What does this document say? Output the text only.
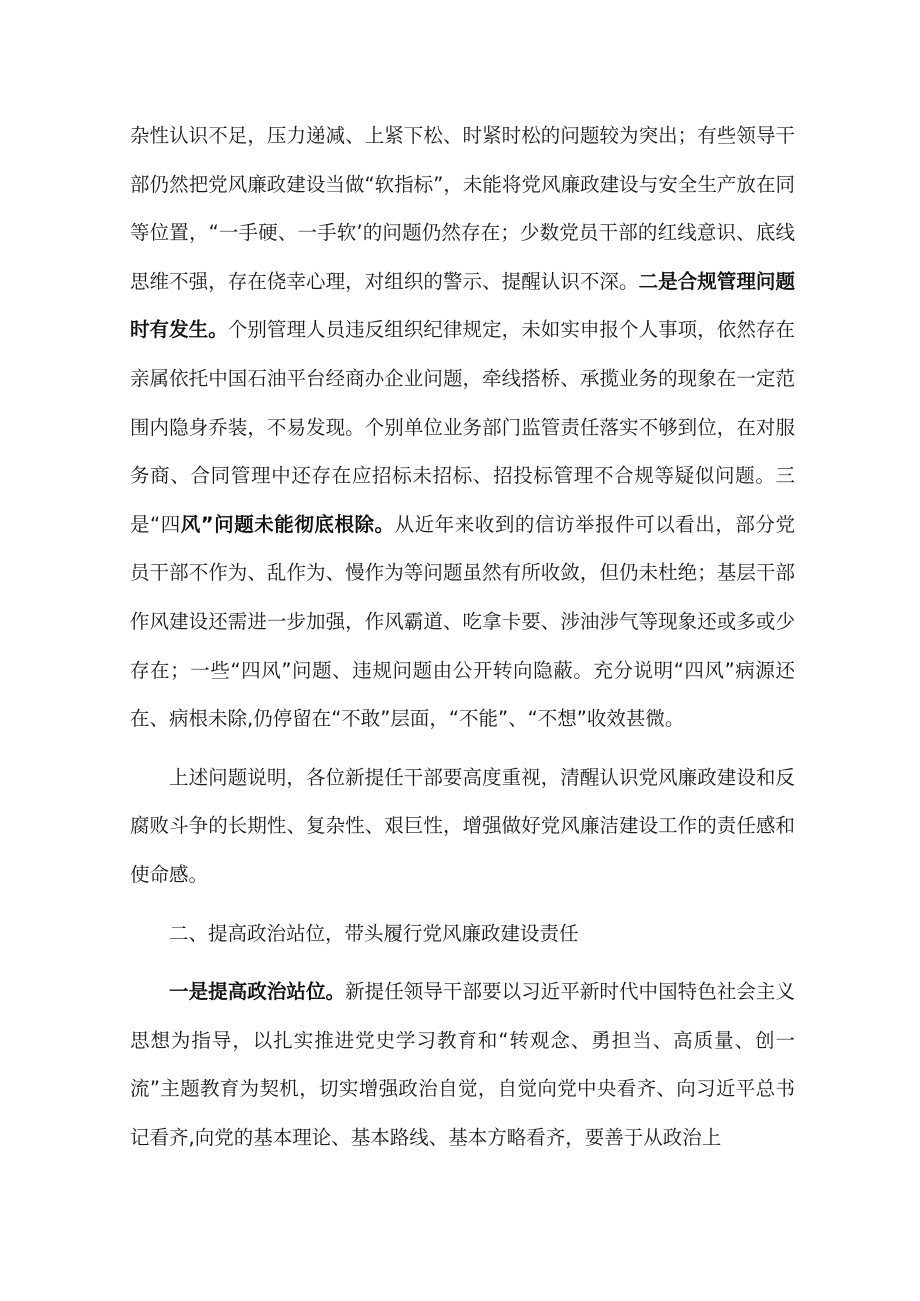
杂性认识不足，压力递减、上紧下松、时紧时松的问题较为突出；有些领导干部仍然把党风廉政建设当做“软指标”，未能将党风廉政建设与安全生产放在同等位置，“一手硬、一手软’的问题仍然存在；少数党员干部的红线意识、底线思维不强，存在侥幸心理，对组织的警示、提醒认识不深。二是合规管理问题时有发生。个别管理人员违反组织纪律规定，未如实申报个人事项，依然存在亲属依托中国石油平台经商办企业问题，牵线搭桥、承揽业务的现象在一定范围内隐身乔装，不易发现。个别单位业务部门监管责任落实不够到位，在对服务商、合同管理中还存在应招标未招标、招投标管理不合规等疑似问题。三是“四风”问题未能彻底根除。从近年来收到的信访举报件可以看出，部分党员干部不作为、乱作为、慢作为等问题虽然有所收敛，但仍未杜绝；基层干部作风建设还需进一步加强，作风霸道、吃拿卡要、涉油涉气等现象还或多或少存在；一些“四风”问题、违规问题由公开转向隐蔽。充分说明“四风”病源还在、病根未除,仍停留在“不敢”层面，“不能”、“不想”收效甚微。

上述问题说明，各位新提任干部要高度重视，清醒认识党风廉政建设和反腐败斗争的长期性、复杂性、艰巨性，增强做好党风廉洁建设工作的责任感和使命感。

二、提高政治站位，带头履行党风廉政建设责任

一是提高政治站位。新提任领导干部要以习近平新时代中国特色社会主义思想为指导，以扎实推进党史学习教育和“转观念、勇担当、高质量、创一流”主题教育为契机，切实增强政治自觉，自觉向党中央看齐、向习近平总书记看齐,向党的基本理论、基本路线、基本方略看齐，要善于从政治上
